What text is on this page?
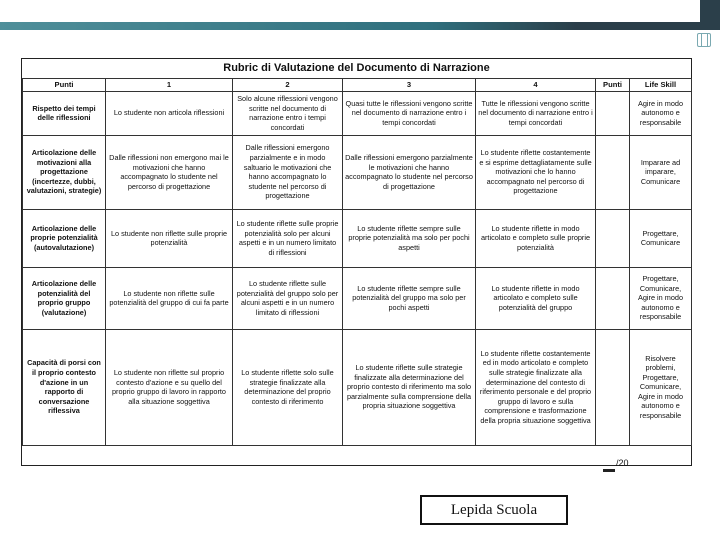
Rubric di Valutazione del Documento di Narrazione
Punti	1	2	3	4	Punti	Life Skill
Rispetto dei tempi delle riflessioni	Lo studente non articola riflessioni	Solo alcune riflessioni vengono scritte nel documento di narrazione entro i tempi concordati	Quasi tutte le riflessioni vengono scritte nel documento di narrazione entro i tempi concordati	Tutte le riflessioni vengono scritte nel documento di narrazione entro i tempi concordati		Agire in modo autonomo e responsabile
Articolazione delle motivazioni alla progettazione (incertezze, dubbi, valutazioni, strategie)	Dalle riflessioni non emergono mai le motivazioni che hanno accompagnato lo studente nel percorso di progettazione	Dalle riflessioni emergono parzialmente e in modo saltuario le motivazioni che hanno accompagnato lo studente nel percorso di progettazione	Dalle riflessioni emergono parzialmente le motivazioni che hanno accompagnato lo studente nel percorso di progettazione	Lo studente riflette costantemente e si esprime dettagliatamente sulle motivazioni che lo hanno accompagnato nel percorso di progettazione		Imparare ad imparare, Comunicare
Articolazione delle proprie potenzialità (autovalutazione)	Lo studente non riflette sulle proprie potenzialità	Lo studente riflette sulle proprie potenzialità solo per alcuni aspetti e in un numero limitato di riflessioni	Lo studente riflette sempre sulle proprie potenzialità ma solo per pochi aspetti	Lo studente riflette in modo articolato e completo sulle proprie potenzialità		Progettare, Comunicare
Articolazione delle potenzialità del proprio gruppo (valutazione)	Lo studente non riflette sulle potenzialità del gruppo di cui fa parte	Lo studente riflette sulle potenzialità del gruppo solo per alcuni aspetti e in un numero limitato di riflessioni	Lo studente riflette sempre sulle potenzialità del gruppo ma solo per pochi aspetti	Lo studente riflette in modo articolato e completo sulle potenzialità del gruppo		Progettare, Comunicare, Agire in modo autonomo e responsabile
Capacità di porsi con il proprio contesto d'azione in un rapporto di conversazione riflessiva	Lo studente non riflette sul proprio contesto d'azione e su quello del proprio gruppo di lavoro in rapporto alla situazione soggettiva	Lo studente riflette solo sulle strategie finalizzate alla determinazione del proprio contesto di riferimento	Lo studente riflette sulle strategie finalizzate alla determinazione del proprio contesto di riferimento ma solo parzialmente sulla comprensione della propria situazione soggettiva	Lo studente riflette costantemente ed in modo articolato e completo sulle strategie finalizzate alla determinazione del contesto di riferimento personale e del proprio gruppo di lavoro e sulla comprensione e trasformazione della propria situazione soggettiva		Risolvere problemi, Progettare, Comunicare, Agire in modo autonomo e responsabile
/20
Lepida Scuola
